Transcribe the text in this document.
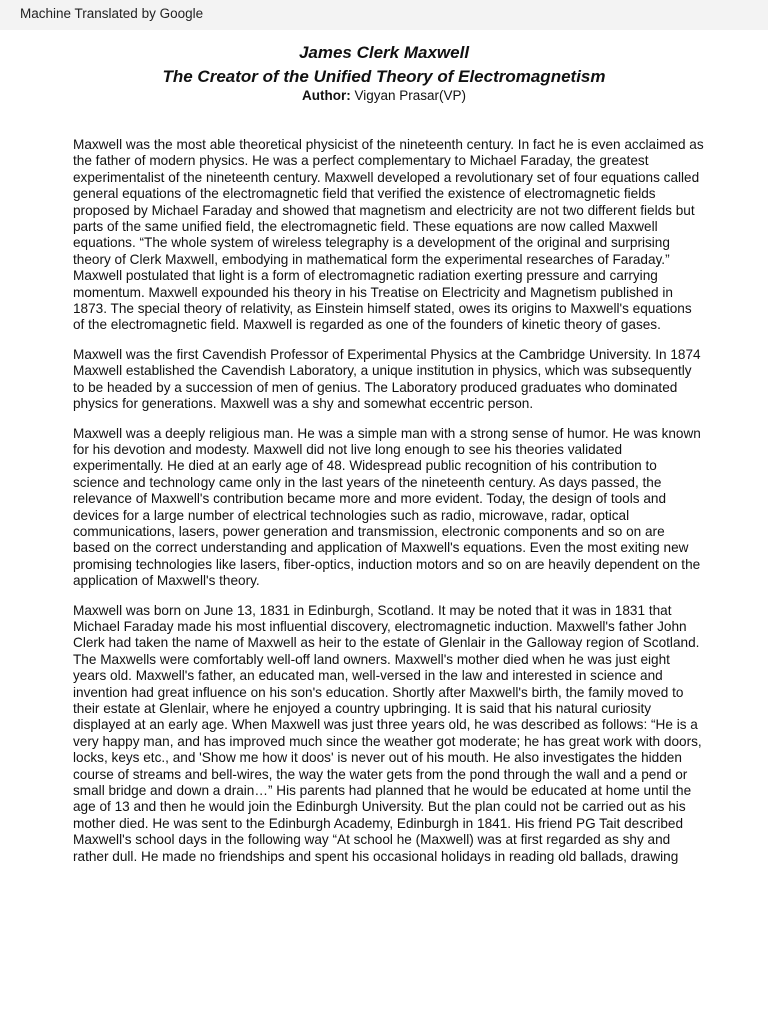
Machine Translated by Google
James Clerk Maxwell
The Creator of the Unified Theory of Electromagnetism
Author: Vigyan Prasar(VP)

Maxwell was the most able theoretical physicist of the nineteenth century. In fact he is even acclaimed as the father of modern physics. He was a perfect complementary to Michael Faraday, the greatest experimentalist of the nineteenth century. Maxwell developed a revolutionary set of four equations called general equations of the electromagnetic field that verified the existence of electromagnetic fields proposed by Michael Faraday and showed that magnetism and electricity are not two different fields but parts of the same unified field, the electromagnetic field. These equations are now called Maxwell equations. “The whole system of wireless telegraphy is a development of the original and surprising theory of Clerk Maxwell, embodying in mathematical form the experimental researches of Faraday.” Maxwell postulated that light is a form of electromagnetic radiation exerting pressure and carrying momentum. Maxwell expounded his theory in his Treatise on Electricity and Magnetism published in 1873. The special theory of relativity, as Einstein himself stated, owes its origins to Maxwell's equations of the electromagnetic field. Maxwell is regarded as one of the founders of kinetic theory of gases.

Maxwell was the first Cavendish Professor of Experimental Physics at the Cambridge University. In 1874 Maxwell established the Cavendish Laboratory, a unique institution in physics, which was subsequently to be headed by a succession of men of genius. The Laboratory produced graduates who dominated physics for generations. Maxwell was a shy and somewhat eccentric person.

Maxwell was a deeply religious man. He was a simple man with a strong sense of humor. He was known for his devotion and modesty. Maxwell did not live long enough to see his theories validated experimentally. He died at an early age of 48. Widespread public recognition of his contribution to science and technology came only in the last years of the nineteenth century. As days passed, the relevance of Maxwell's contribution became more and more evident. Today, the design of tools and devices for a large number of electrical technologies such as radio, microwave, radar, optical communications, lasers, power generation and transmission, electronic components and so on are based on the correct understanding and application of Maxwell's equations. Even the most exiting new promising technologies like lasers, fiber-optics, induction motors and so on are heavily dependent on the application of Maxwell's theory.

Maxwell was born on June 13, 1831 in Edinburgh, Scotland. It may be noted that it was in 1831 that Michael Faraday made his most influential discovery, electromagnetic induction. Maxwell's father John Clerk had taken the name of Maxwell as heir to the estate of Glenlair in the Galloway region of Scotland. The Maxwells were comfortably well-off land owners. Maxwell's mother died when he was just eight years old. Maxwell's father, an educated man, well-versed in the law and interested in science and invention had great influence on his son's education. Shortly after Maxwell's birth, the family moved to their estate at Glenlair, where he enjoyed a country upbringing. It is said that his natural curiosity displayed at an early age. When Maxwell was just three years old, he was described as follows: “He is a very happy man, and has improved much since the weather got moderate; he has great work with doors, locks, keys etc., and 'Show me how it doos' is never out of his mouth. He also investigates the hidden course of streams and bell-wires, the way the water gets from the pond through the wall and a pend or small bridge and down a drain…” His parents had planned that he would be educated at home until the age of 13 and then he would join the Edinburgh University. But the plan could not be carried out as his mother died. He was sent to the Edinburgh Academy, Edinburgh in 1841. His friend PG Tait described Maxwell's school days in the following way “At school he (Maxwell) was at first regarded as shy and rather dull. He made no friendships and spent his occasional holidays in reading old ballads, drawing
